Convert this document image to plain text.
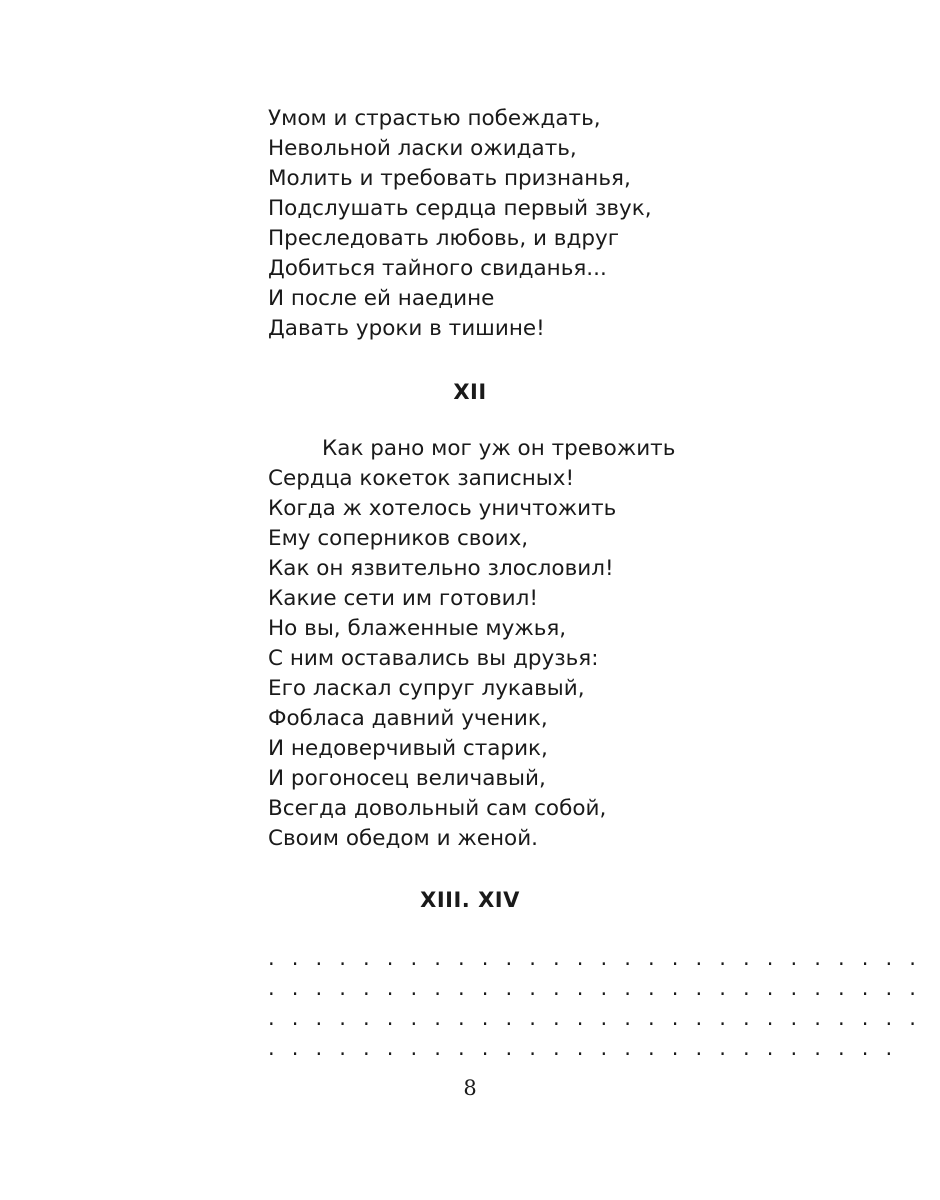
Умом и страстью побеждать,
Невольной ласки ожидать,
Молить и требовать признанья,
Подслушать сердца первый звук,
Преследовать любовь, и вдруг
Добиться тайного свиданья...
И после ей наедине
Давать уроки в тишине!
XII
Как рано мог уж он тревожить
Сердца кокеток записных!
Когда ж хотелось уничтожить
Ему соперников своих,
Как он язвительно злословил!
Какие сети им готовил!
Но вы, блаженные мужья,
С ним оставались вы друзья:
Его ласкал супруг лукавый,
Фобласа давний ученик,
И недоверчивый старик,
И рогоносец величавый,
Всегда довольный сам собой,
Своим обедом и женой.
XIII. XIV
. . . . . . . . . . . . . . . . . . . . . . . . . . . .
. . . . . . . . . . . . . . . . . . . . . . . . . . . .
. . . . . . . . . . . . . . . . . . . . . . . . . . . .
. . . . . . . . . . . . . . . . . . . . . . . . . . .
8
